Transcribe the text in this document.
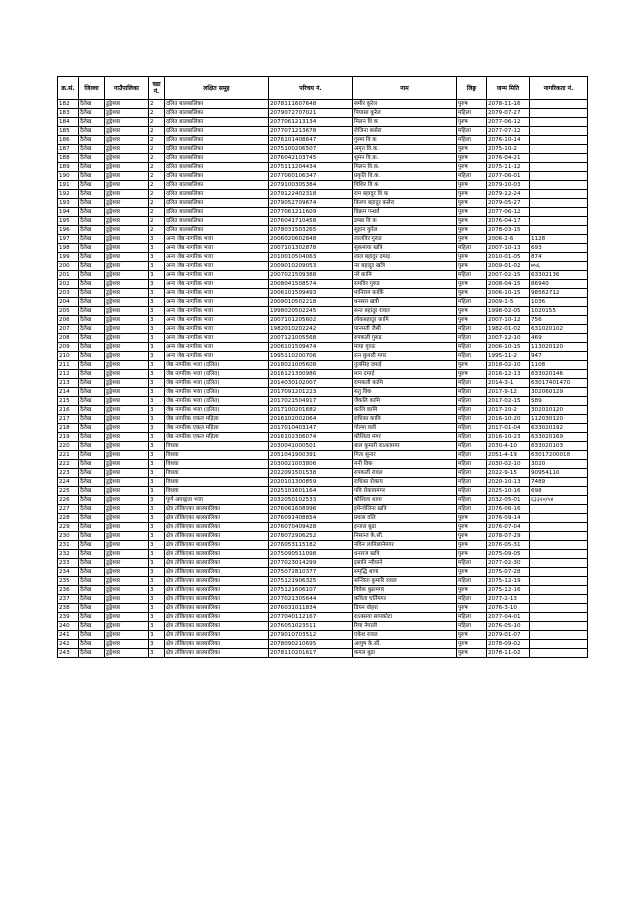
क्र.सं.	जिल्ला	गाउँपालिका	वडा नं.	लक्षित समूह	परिचय नं.	नाम	लिङ्ग	जन्म मिति	नागरिकता नं.
182	दैलेख	डुङ्गेश्वर	2	दलित बालबालिका	2078111607648	समीर कुरेल	पुरुष	2078-11-16	
183	दैलेख	डुङ्गेश्वर	2	दलित बालबालिका	2079072707021	पियासा कुरेल	महिला	2079-07-27	
184	दैलेख	डुङ्गेश्वर	2	दलित बालबालिका	2077061213134	मिलन वि क	पुरुष	2077-06-12	
185	दैलेख	डुङ्गेश्वर	2	दलित बालबालिका	2077071213678	रोजिना कसेरा	महिला	2077-07-12	
186	दैलेख	डुङ्गेश्वर	2	दलित बालबालिका	2076101408647	गुस्मा वि क	महिला	2076-10-14	
187	दैलेख	डुङ्गेश्वर	2	दलित बालबालिका	2075100206507	अमृत वि.क.	पुरुष	2075-10-2	
188	दैलेख	डुङ्गेश्वर	2	दलित बालबालिका	2076042103745	शुमन वि.क.	पुरुष	2076-04-21	
189	दैलेख	डुङ्गेश्वर	2	दलित बालबालिका	2075111204434	मिलन वि.क.	पुरुष	2075-11-12	
190	दैलेख	डुङ्गेश्वर	2	दलित बालबालिका	2077060106347	प्रकृति वि.क.	महिला	2077-06-01	
191	दैलेख	डुङ्गेश्वर	2	दलित बालबालिका	2079100305384	विशिर वि क	पुरुष	2079-10-03	
192	दैलेख	डुङ्गेश्वर	2	दलित बालबालिका	2079122402318	राम बहादुर वि क	पुरुष	2079-12-24	
193	दैलेख	डुङ्गेश्वर	2	दलित बालबालिका	2079052709674	किरण बहादुर कसेरा	पुरुष	2079-05-27	
194	दैलेख	डुङ्गेश्वर	2	दलित बालबालिका	2077061211609	विक्रम गन्धर्व	पुरुष	2077-06-12	
195	दैलेख	डुङ्गेश्वर	2	दलित बालबालिका	2076041710458	डम्बर वि क	पुरुष	2076-04-17	
196	दैलेख	डुङ्गेश्वर	2	दलित बालबालिका	2078031503265	सुहान कुरेल	पुरुष	2078-03-15	
197	दैलेख	डुङ्गेश्वर	3	अन्य जेष्ठ नागरिक भत्ता	2006020602848	लालविर गुरुङ	पुरुष	2006-2-6	1128
198	दैलेख	डुङ्गेश्वर	3	अन्य जेष्ठ नागरिक भत्ता	2007101302878	सुकमाया खत्रि	महिला	2007-10-13	693
199	दैलेख	डुङ्गेश्वर	3	अन्य जेष्ठ नागरिक भत्ता	2010010504063	लाल बहादुर दमाइ	पुरुष	2010-01-05	874
200	दैलेख	डुङ्गेश्वर	3	अन्य जेष्ठ नागरिक भत्ता	2009010209053	नर बहादुर खत्रि	पुरुष	2009-01-02	७५६
201	दैलेख	डुङ्गेश्वर	3	अन्य जेष्ठ नागरिक भत्ता	2007021509388	नरे कामि	महिला	2007-02-15	63302136
202	दैलेख	डुङ्गेश्वर	3	अन्य जेष्ठ नागरिक भत्ता	2008041508574	रामविर गुरुङ	पुरुष	2008-04-15	86940
203	दैलेख	डुङ्गेश्वर	3	अन्य जेष्ठ नागरिक भत्ता	2006101509493	मानिराम कार्कि	पुरुष	2006-10-15	98562712
204	दैलेख	डुङ्गेश्वर	3	अन्य जेष्ठ नागरिक भत्ता	2009010502218	धनसरा खत्री	महिला	2009-1-5	1036
205	दैलेख	डुङ्गेश्वर	3	अन्य जेष्ठ नागरिक भत्ता	1998020502245	सन्त बहादुर रावल	पुरुष	1998-02-05	1020155
206	दैलेख	डुङ्गेश्वर	3	अन्य जेष्ठ नागरिक भत्ता	2007101205602	लोकबहादुर कामि	पुरुष	2007-10-12	756
207	दैलेख	डुङ्गेश्वर	3	अन्य जेष्ठ नागरिक भत्ता	1982010202242	पानमती जैसी	महिला	1982-01-02	631020102
208	दैलेख	डुङ्गेश्वर	3	अन्य जेष्ठ नागरिक भत्ता	2007121005568	रुपकली गुरुङ	महिला	2007-12-10	469
209	दैलेख	डुङ्गेश्वर	3	अन्य जेष्ठ नागरिक भत्ता	2006101509474	माया गुरुङ	महिला	2006-10-15	113020120
210	दैलेख	डुङ्गेश्वर	3	अन्य जेष्ठ नागरिक भत्ता	1995110200706	रत्न कुमारी मगर	महिला	1995-11-2	947
211	दैलेख	डुङ्गेश्वर	3	जेष्ठ नागरिक भत्ता (दलित)	2018021005608	तुलसिह दमाई	पुरुष	2018-02-10	1108
212	दैलेख	डुङ्गेश्वर	3	जेष्ठ नागरिक भत्ता (दलित)	2016121300986	मान दमाई	पुरुष	2016-12-13	633020146
213	दैलेख	डुङ्गेश्वर	3	जेष्ठ नागरिक भत्ता (दलित)	2014030102007	रामकली कामि	महिला	2014-3-1	63017401470
214	दैलेख	डुङ्गेश्वर	3	जेष्ठ नागरिक भत्ता (दलित)	2017091201223	सतु विक	महिला	2017-9-12	302060129
215	दैलेख	डुङ्गेश्वर	3	जेष्ठ नागरिक भत्ता (दलित)	2017021504917	जैकलि कामि	महिला	2017-02-15	589
216	दैलेख	डुङ्गेश्वर	3	जेष्ठ नागरिक भत्ता (दलित)	2017100201682	कालि कामि	महिला	2017-10-2	302010120
217	दैलेख	डुङ्गेश्वर	3	जेष्ठ नागरिक एकल महिला	2016102002064	राधिका कामि	महिला	2016-10-20	112030120
218	दैलेख	डुङ्गेश्वर	3	जेष्ठ नागरिक एकल महिला	2017010403147	गोल्मा वली	महिला	2017-01-04	633020192
219	दैलेख	डुङ्गेश्वर	3	जेष्ठ नागरिक एकल महिला	2016102306074	कौशिला मगर	महिला	2016-10-23	633020169
220	दैलेख	डुङ्गेश्वर	3	विधवा	2030041000501	बाल कुमारी राऽकामगर	महिला	2030-4-10	633020103
221	दैलेख	डुङ्गेश्वर	3	विधवा	2051041900391	गिता सुनार	महिला	2051-4-19	63017200018
222	दैलेख	डुङ्गेश्वर	3	विधवा	2030021003806	मनी विक	महिला	2030-02-10	3020
223	दैलेख	डुङ्गेश्वर	3	विधवा	2022091501538	रुपकली रावल	महिला	2022-9-15	90954110
224	दैलेख	डुङ्गेश्वर	3	विधवा	2020101300859	राधिका रोकाय	महिला	2020-10-13	7489
225	दैलेख	डुङ्गेश्वर	3	विधवा	2025101601164	पवि रोकायमगर	महिला	2025-10-16	698
226	दैलेख	डुङ्गेश्वर	3	पूर्ण अपाङ्गता भत्ता	2032050102533	कौशिला थापा	महिला	2032-05-01	६३३२०/५४
227	दैलेख	डुङ्गेश्वर	3	क्षेत्र तोकिएका बालबालिका	2076061608996	इमेन्जेलिना खत्रि	महिला	2076-06-16	
228	दैलेख	डुङ्गेश्वर	3	क्षेत्र तोकिएका बालबालिका	2076091408854	प्रवास वलि	पुरुष	2076-09-14	
229	दैलेख	डुङ्गेश्वर	3	क्षेत्र तोकिएका बालबालिका	2076070409428	इन्जल बुढा	पुरुष	2076-07-04	
230	दैलेख	डुङ्गेश्वर	3	क्षेत्र तोकिएका बालबालिका	2078072906252	निसान्त के.सी.	पुरुष	2078-07-29	
231	दैलेख	डुङ्गेश्वर	3	क्षेत्र तोकिएका बालबालिका	2076053115182	नविन लामिछानेमगर	पुरुष	2076-05-31	
232	दैलेख	डुङ्गेश्वर	3	क्षेत्र तोकिएका बालबालिका	2075090511098	धनराज खत्रि	पुरुष	2075-09-05	
233	दैलेख	डुङ्गेश्वर	3	क्षेत्र तोकिएका बालबालिका	2077023014299	इसानि न्यौपाने	महिला	2077-02-30	
234	दैलेख	डुङ्गेश्वर	3	क्षेत्र तोकिएका बालबालिका	2075072810377	समृद्धि थापा	पुरुष	2075-07-28	
235	दैलेख	डुङ्गेश्वर	3	क्षेत्र तोकिएका बालबालिका	2075121906325	सन्जिता कुमारि रावल	महिला	2075-12-19	
236	दैलेख	डुङ्गेश्वर	3	क्षेत्र तोकिएका बालबालिका	2075121606107	विवेक बुढामगर	पुरुष	2075-12-16	
237	दैलेख	डुङ्गेश्वर	3	क्षेत्र तोकिएका बालबालिका	2077021305644	कविता घर्तिमगर	महिला	2077-2-13	
238	दैलेख	डुङ्गेश्वर	3	क्षेत्र तोकिएका बालबालिका	2076031011834	डियन वोहरा	पुरुष	2076-3-10	
239	दैलेख	डुङ्गेश्वर	3	क्षेत्र तोकिएका बालबालिका	2077040112167	राऽक्सया सापकोटा	महिला	2077-04-01	
240	दैलेख	डुङ्गेश्वर	3	क्षेत्र तोकिएका बालबालिका	2076051023511	रिया नेपाली	महिला	2076-05-10	
241	दैलेख	डुङ्गेश्वर	3	क्षेत्र तोकिएका बालबालिका	2079010703512	एकेश रावल	पुरुष	2079-01-07	
242	दैलेख	डुङ्गेश्वर	3	क्षेत्र तोकिएका बालबालिका	2078090210695	आयुष के.सी.	पुरुष	2078-09-02	
243	दैलेख	डुङ्गेश्वर	3	क्षेत्र तोकिएका बालबालिका	2078110201617	कमल बुढा	पुरुष	2078-11-02	
